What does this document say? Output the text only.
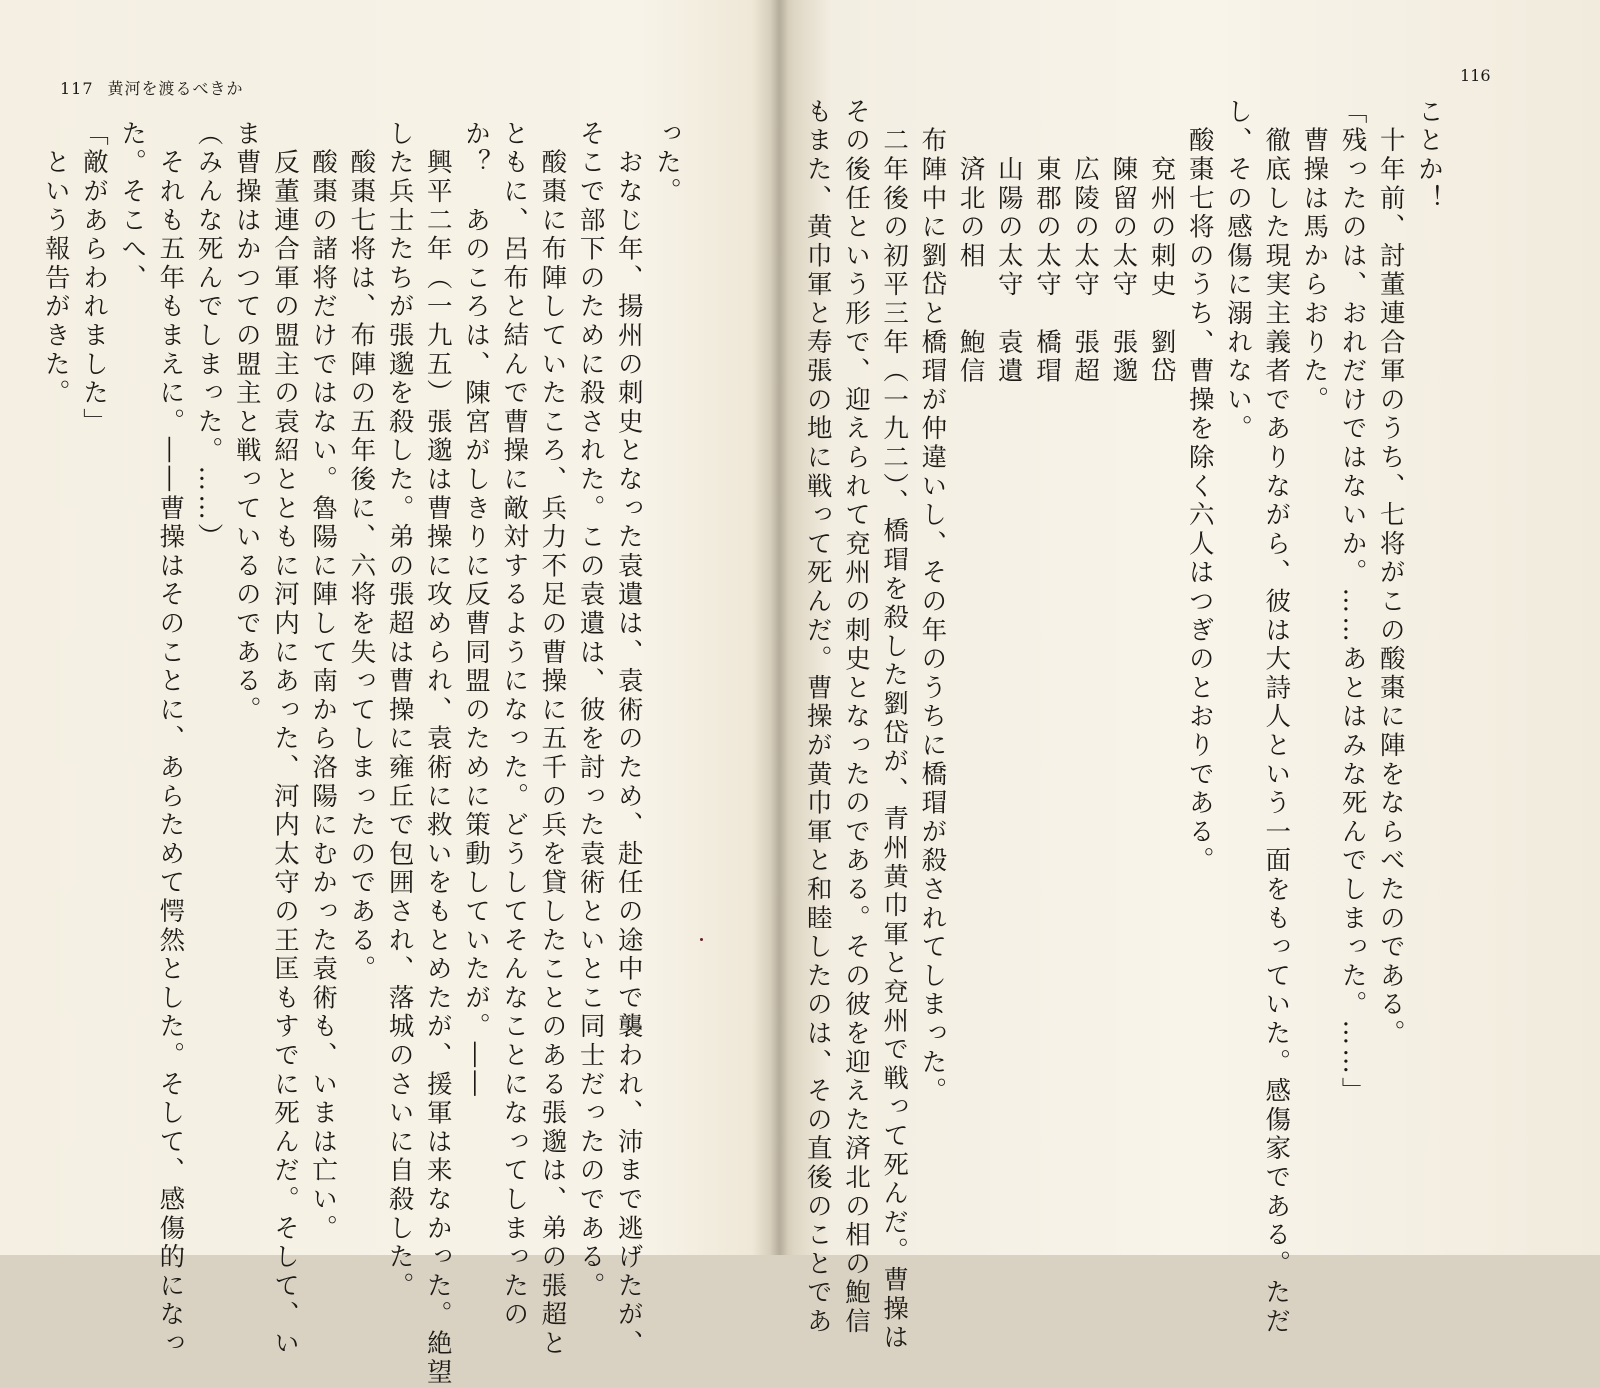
117 黄河を渡るべきか
った。
　おなじ年、揚州の刺史となった袁遺は、袁術のため、赴任の途中で襲われ、沛まで逃げたが、
そこで部下のために殺された。この袁遺は、彼を討った袁術といとこ同士だったのである。
　酸棗に布陣していたころ、兵力不足の曹操に五千の兵を貸したことのある張邈は、弟の張超と
ともに、呂布と結んで曹操に敵対するようになった。どうしてそんなことになってしまったの
か？　あのころは、陳宮がしきりに反曹同盟のために策動していたが。――
　興平二年（一九五）張邈は曹操に攻められ、袁術に救いをもとめたが、援軍は来なかった。絶望
した兵士たちが張邈を殺した。弟の張超は曹操に雍丘で包囲され、落城のさいに自殺した。
　酸棗七将は、布陣の五年後に、六将を失ってしまったのである。
　酸棗の諸将だけではない。魯陽に陣して南から洛陽にむかった袁術も、いまは亡い。
　反董連合軍の盟主の袁紹とともに河内にあった、河内太守の王匡もすでに死んだ。そして、い
ま曹操はかつての盟主と戦っているのである。
（みんな死んでしまった。……）
　それも五年もまえに。――曹操はそのことに、あらためて愕然とした。そして、感傷的になっ
た。そこへ、
「敵があらわれました」
　という報告がきた。
116
ことか！
　十年前、討董連合軍のうち、七将がこの酸棗に陣をならべたのである。
「残ったのは、おれだけではないか。……あとはみな死んでしまった。……」
　曹操は馬からおりた。
　徹底した現実主義者でありながら、彼は大詩人という一面をもっていた。感傷家である。ただ
し、その感傷に溺れない。
　酸棗七将のうち、曹操を除く六人はつぎのとおりである。
　　兗州の刺史　劉岱
　　陳留の太守　張邈
　　広陵の太守　張超
　　東郡の太守　橋瑁
　　山陽の太守　袁遺
　　済北の相　　鮑信
　布陣中に劉岱と橋瑁が仲違いし、その年のうちに橋瑁が殺されてしまった。
　二年後の初平三年（一九二）、橋瑁を殺した劉岱が、青州黄巾軍と兗州で戦って死んだ。曹操は
その後任という形で、迎えられて兗州の刺史となったのである。その彼を迎えた済北の相の鮑信
もまた、黄巾軍と寿張の地に戦って死んだ。曹操が黄巾軍と和睦したのは、その直後のことであ
